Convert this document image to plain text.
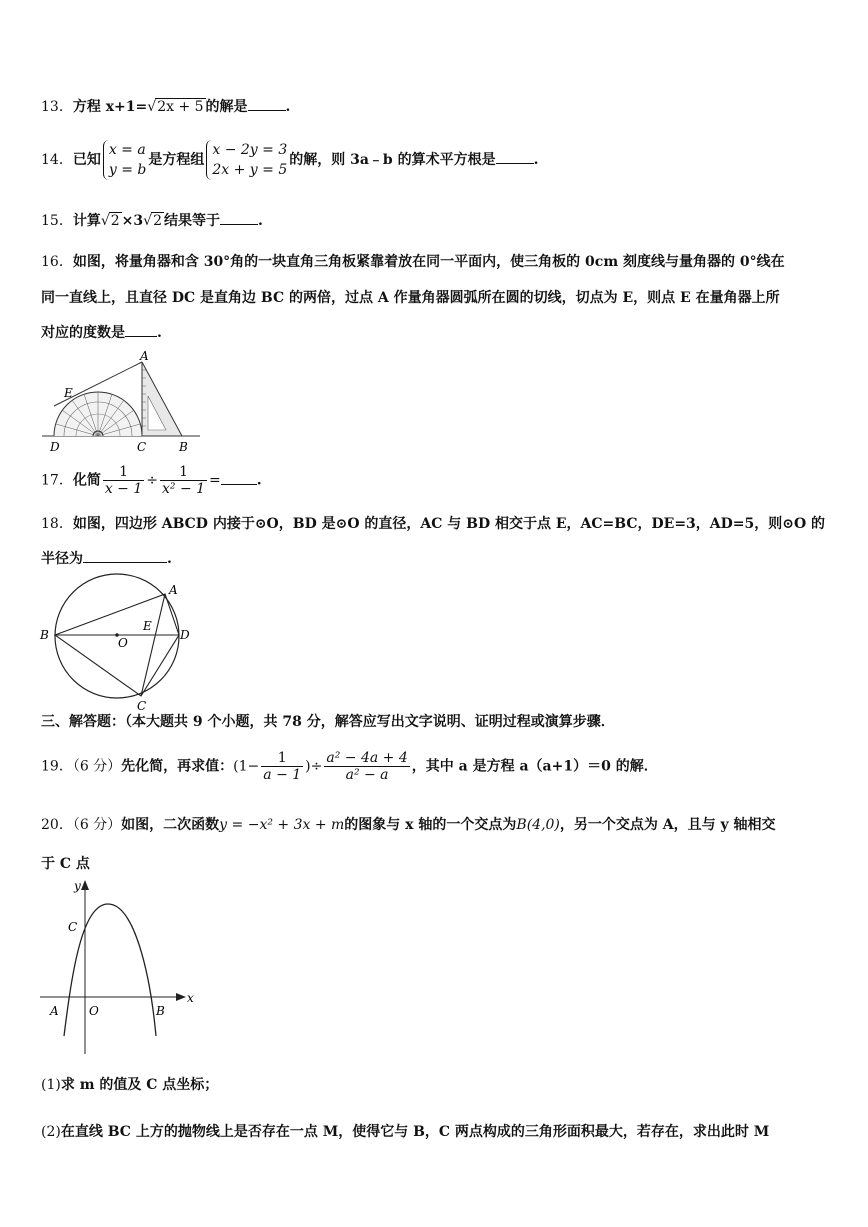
13．方程 x+1=√2x + 5 的解是	.
14．已知
x = a
y = b
是方程组
x − 2y = 3
2x + y = 5
的解，则 3a﹣b 的算术平方根是	.
15．计算√2 ×3√2 结果等于	.
16．如图，将量角器和含 30°角的一块直角三角板紧靠着放在同一平面内，使三角板的 0cm 刻度线与量角器的 0°线在
同一直线上，且直径 DC 是直角边 BC 的两倍，过点 A 作量角器圆弧所在圆的切线，切点为 E，则点 E 在量角器上所
对应的度数是 .
A
E
D	C	B
17．化简 $\frac{1}{x - 1} \div \frac{1}{\text{x² − 1}}$ =	.
18．如图，四边形 ABCD 内接于⊙O，BD 是⊙O 的直径，AC 与 BD 相交于点 E，AC=BC，DE=3，AD=5，则⊙O 的
半径为	.
A
B
C
D
E
O
三、解答题：（本大题共 9 个小题，共 78 分，解答应写出文字说明、证明过程或演算步骤．
19．（6 分）先化简，再求值：($1- \frac{1}{a - 1}$ )÷ $\frac{\text{a² − 4a + 4}}{\text{a² − a}}$ ，其中 a 是方程 a（a+1）＝0 的解．
20．（6 分）如图，二次函数y = −x² + 3x + m的图象与 x 轴的一个交点为B(4,0)，另一个交点为 A，且与 y 轴相交
于 C 点
y
x
C
A	O	B
(1)求 m 的值及 C 点坐标；
(2)在直线 BC 上方的抛物线上是否存在一点 M，使得它与 B，C 两点构成的三角形面积最大，若存在，求出此时 M
